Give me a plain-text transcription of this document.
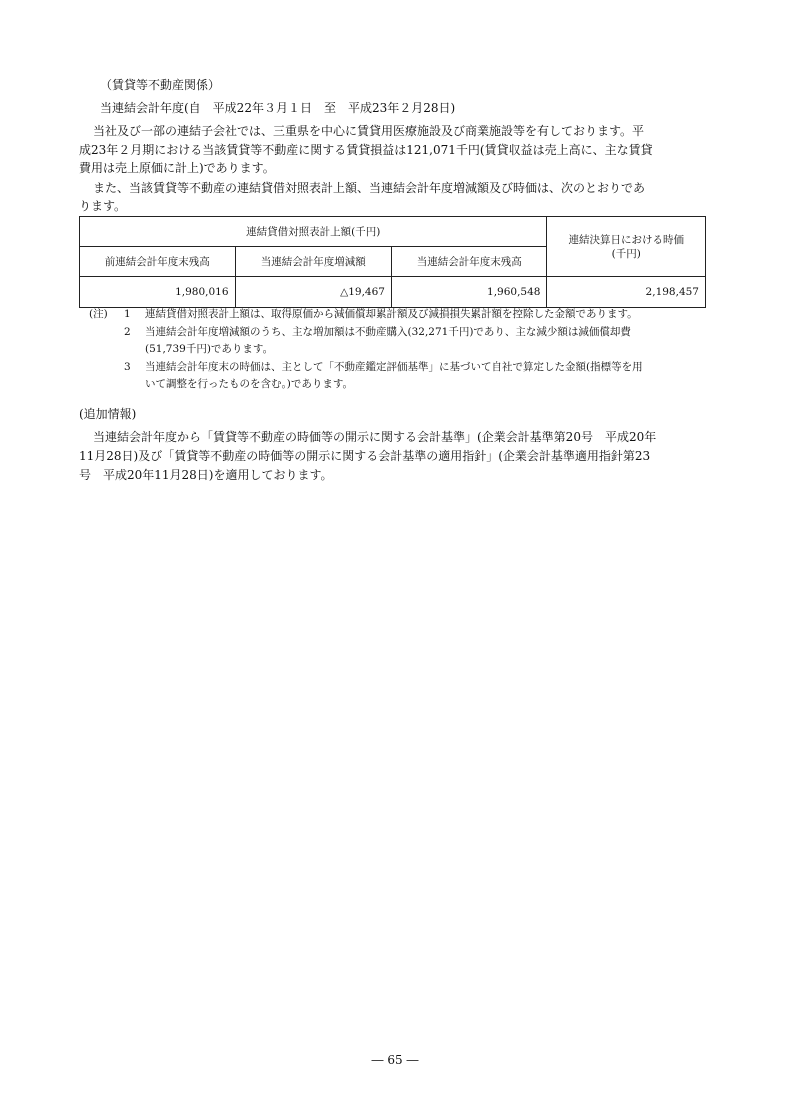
（賃貸等不動産関係）
当連結会計年度(自　平成22年３月１日　至　平成23年２月28日)
当社及び一部の連結子会社では、三重県を中心に賃貸用医療施設及び商業施設等を有しております。平
成23年２月期における当該賃貸等不動産に関する賃貸損益は121,071千円(賃貸収益は売上高に、主な賃貸
費用は売上原価に計上)であります。
また、当該賃貸等不動産の連結貸借対照表計上額、当連結会計年度増減額及び時価は、次のとおりであ
ります。
連結貸借対照表計上額(千円)			連結決算日における時価
(千円)
前連結会計年度末残高	当連結会計年度増減額	当連結会計年度末残高	
1,980,016	△19,467	1,960,548	2,198,457
(注) 1 連結貸借対照表計上額は、取得原価から減価償却累計額及び減損損失累計額を控除した金額であります。
2 当連結会計年度増減額のうち、主な増加額は不動産購入(32,271千円)であり、主な減少額は減価償却費
(51,739千円)であります。
3 当連結会計年度末の時価は、主として「不動産鑑定評価基準」に基づいて自社で算定した金額(指標等を用
いて調整を行ったものを含む。)であります。
(追加情報)
当連結会計年度から「賃貸等不動産の時価等の開示に関する会計基準」(企業会計基準第20号　平成20年
11月28日)及び「賃貸等不動産の時価等の開示に関する会計基準の適用指針」(企業会計基準適用指針第23
号　平成20年11月28日)を適用しております。
― 65 ―
